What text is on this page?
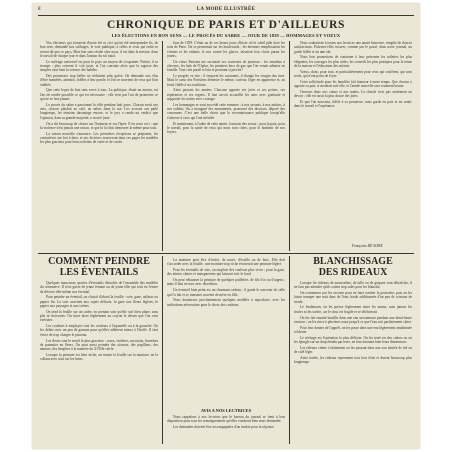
8	LA MODE ILLUSTRÉE
CHRONIQUE DE PARIS ET D'AILLEURS
LES ÉLECTIONS EN BON SENS — LE PROCÈS DU SABRE — JOUR DE 1839 — HOMMAGES ET VOEUX

Nos électeurs qui n'avaient d'avoir été ni ceci qu'ont été entreprendre ils, de bon sens, demandé nos suffrages, le vote publique, à celles et ceux qui enfin se seront dit que ce pays, Mon bon sens réside chez nous, il est dans la mesure, dans le travail de chaque jour et dans l'amour du sol natal.

Le suffrage universel est pour le pays un moyen de s'exprimer. Parfois il se trompe ; plus souvent il voit juste, et l'on constate alors que la sagesse des simples vaut bien la science des habiles.

Des promesses trop belles ne séduisent plus guère. On demande aux élus d'être honnêtes, attentifs, fidèles à leur parole, et l'on se souvient de ceux qui l'ont oubliée.

Que cette leçon de bon sens serve à tous. La politique, disait un ancien, est l'art de rendre possible ce qui est nécessaire ; elle n'est pas l'art de promettre ce qui ne se fera jamais.

Le procès du sabre a passionné la ville pendant huit jours. Chacun avait son avis, chacun plaidait au café, au salon, dans la rue. Les avocats ont parlé longtemps, les témoins davantage encore, et le jury a rendu un verdict que l'opinion, dans sa grande majorité, a trouvé juste.

On a dit beaucoup de choses sur l'honneur et sur l'épée. Il en reste ceci : que la violence n'est jamais une raison, et que la loi doit demeurer la même pour tous.

La saison nouvelle s'annonce. Les premières réceptions se préparent, les couturières ont fort à faire, et nos lectrices trouveront dans ces pages les modèles les plus gracieux pour leurs toilettes de visite et de soirée.

Jour de 1839. C'était un de ces beaux jours d'hiver où le soleil pâle dore les toits de Paris. On se promenait sur les boulevards ; les étrennes remplissaient les vitrines et les enfants, le nez contre les glaces, faisaient leur choix parmi les jouets.

Un vieux Parisien me racontait ses souvenirs de jeunesse : les omnibus à chevaux, les bals de l'Opéra, les premiers becs de gaz que l'on venait admirer en famille. Tout cela paraît si loin et pourtant si proche !

Le progrès va vite ; il emporte les coutumes, il change les visages des rues. Mais le cœur des Parisiens demeure le même, curieux, léger en apparence et, au fond, fidèle à ses traditions.

Ainsi passent les années. Chacune apporte ses joies et ses peines, ses espérances et ses regrets. Il faut savoir accueillir les unes avec gratitude et supporter les autres avec courage.

Les hommages se sont succédé cette semaine : à nos savants, à nos artistes, à nos soldats. On a inauguré des monuments, prononcé des discours, déposé des couronnes. C'est une belle chose que la reconnaissance publique lorsqu'elle s'adresse à ceux qui l'ont méritée.

Et maintenant, à l'aube de cette année, formons des voeux : pour la paix, pour le travail, pour la santé de ceux qui nous sont chers, pour le bonheur de nos foyers.

Nous souhaitons à toutes nos lectrices une année heureuse, remplie de douces satisfactions. Puissent-elles trouver, comme par le passé, dans notre journal, un guide fidèle et un ami sûr.

Nous leur promettons de continuer à leur présenter les toilettes les plus élégantes, les ouvrages les plus utiles, les conseils les plus pratiques pour la tenue de la maison et l'éducation des enfants.

Voeux, donc, pour tous, et particulièrement pour ceux qui souffrent, qui sont seuls, qui n'ont point de foyer.

Cette sollicitude pour les humbles fait honneur à notre temps. Que chacun y apporte sa part, si modeste soit-elle, et l'année nouvelle sera vraiment bonne.

Ouvrons donc nos cœurs et nos mains. La charité n'est pas seulement un devoir ; elle est aussi la plus douce des joies.

Et que l'an nouveau, fidèle à sa promesse, nous garde en paix et en santé, dans le travail et l'espérance.

Françoise DE SOISY.
COMMENT PEINDRE
LES ÉVENTAILS

Quelques mauvaises sportes d'éventails détachés de l'ensemble des modèles du commerce. Il n'est guère de jeune femme ou de jeune fille qui n'ait eu l'envie de décorer elle-même son éventail.

Pour peindre un éventail, on choisit d'abord la feuille : soie, gaze, taffetas ou papier fin. La soie convient aux sujets délicats, la gaze aux fleurs légères, le papier aux paysages et aux scènes.

On tend la feuille sur un cadre, en prenant soin qu'elle soit bien plane, sans plis ni froissures. On trace alors légèrement au crayon le dessin que l'on veut exécuter.

Les couleurs à employer sont les couleurs à l'aquarelle ou à la gouache. On les délaie avec un peu de gomme pour qu'elles adhèrent mieux à l'étoffe. Il faut éviter de trop charger le pinceau.

Les fleurs sont le motif le plus gracieux : roses, violettes, myosotis, branches de pommier en fleurs. On peut aussi peindre des oiseaux, des papillons, des amours, des bergères à la manière du XVIIIe siècle.

Lorsque la peinture est bien sèche, on monte la feuille sur la monture, en la collant avec soin sur les brins.

La monture peut être d'ivoire, de nacre, d'écaille ou de bois. Elle doit s'accorder avec la feuille ; une monture trop riche écraserait une peinture légère.

Pour les éventails de soie, on emploie des couleurs plus vives ; pour la gaze, des teintes claires et transparentes qui laissent voir le fond.

On peut rehausser la peinture de quelques paillettes, de fils d'or ou d'argent ; mais il faut en user avec discrétion.

Un éventail bien peint est un charmant cadeau : il garde le souvenir de celle qui l'a fait et se transmet souvent de mère en fille.

Nous donnerons prochainement quelques modèles à reproduire, avec les indications nécessaires pour le choix des couleurs.

AVIS A NOS LECTRICES

Nous rappelons à nos lectrices que le bureau du journal se tient à leur disposition pour tous les renseignements qu'elles voudront bien nous demander.

Les demandes doivent être accompagnées d'un timbre pour la réponse.

BLANCHISSAGE
DES RIDEAUX

Lorsque les rideaux de mousseline, de tulle ou de guipure sont défraîchis, il ne faut pas attendre qu'ils soient trop sales pour les blanchir.

On commence par les secouer pour en faire tomber la poussière, puis on les laisse tremper une nuit dans de l'eau froide additionnée d'un peu de cristaux de soude.

Le lendemain, on les presse légèrement entre les mains, sans jamais les frotter ni les tordre, car le tissu est fragile et se déchirerait.

On les fait ensuite bouillir dans une eau savonneuse pendant une demi-heure environ ; on les rince à plusieurs eaux jusqu'à ce que l'eau soit parfaitement claire.

Pour leur donner de l'apprêt, on les passe dans une eau légèrement amidonnée et bleuie.

Le séchage est l'opération la plus délicate. On les tend sur des cadres ou on les épingle sur un drap étendu par terre, en leur donnant bien leurs dimensions.

Les rideaux crème s'obtiennent en les passant dans une eau teintée de thé ou de café léger.

Ainsi traités, les rideaux reprennent tout leur éclat et durent beaucoup plus longtemps.
